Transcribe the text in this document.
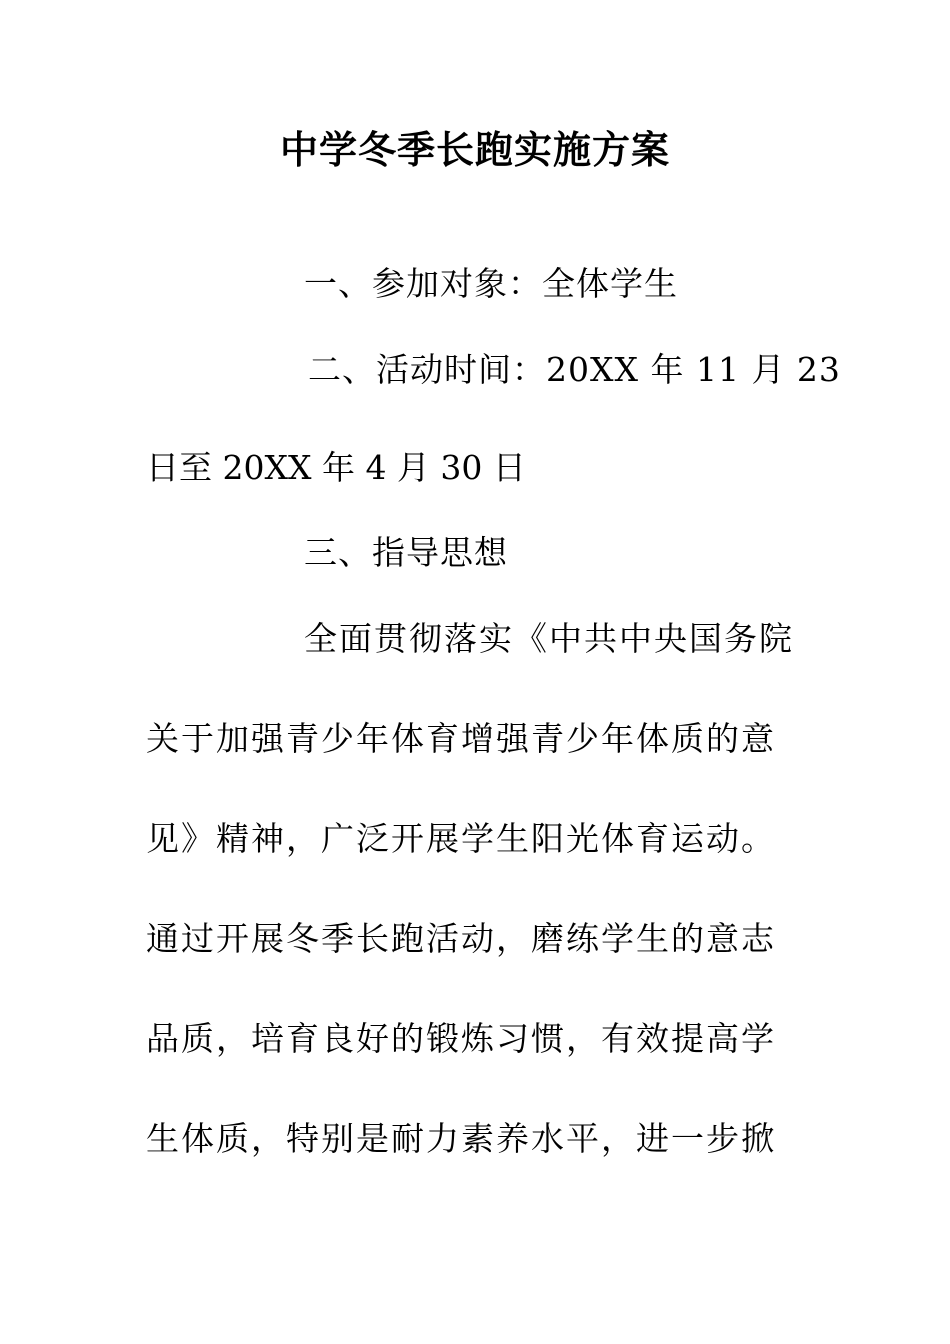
中学冬季长跑实施方案
一、参加对象：全体学生
二、活动时间：20XX 年 11 月 23
日至 20XX 年 4 月 30 日
三、指导思想
全面贯彻落实《中共中央国务院
关于加强青少年体育增强青少年体质的意
见》精神，广泛开展学生阳光体育运动。
通过开展冬季长跑活动，磨练学生的意志
品质，培育良好的锻炼习惯，有效提高学
生体质，特别是耐力素养水平，进一步掀
